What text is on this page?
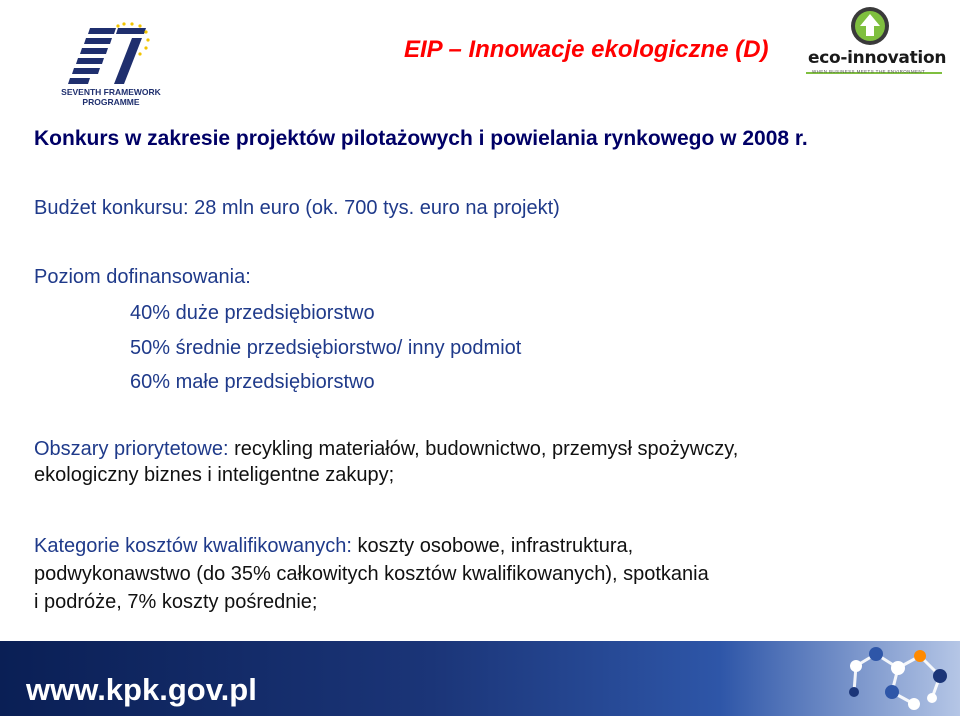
SEVENTH FRAMEWORK
PROGRAMME
EIP – Innowacje ekologiczne (D) eco-innovation
WHEN BUSINESS MEETS THE ENVIRONMENT
Konkurs w zakresie projektów pilotażowych i powielania rynkowego w 2008 r.
Budżet konkursu: 28 mln euro (ok. 700 tys. euro na projekt)
Poziom dofinansowania:
40% duże przedsiębiorstwo
50% średnie przedsiębiorstwo/ inny podmiot
60% małe przedsiębiorstwo
Obszary priorytetowe: recykling materiałów, budownictwo, przemysł spożywczy,
ekologiczny biznes i inteligentne zakupy;
Kategorie kosztów kwalifikowanych: koszty osobowe, infrastruktura,
podwykonawstwo (do 35% całkowitych kosztów kwalifikowanych), spotkania
i podróże, 7% koszty pośrednie;
www.kpk.gov.pl
